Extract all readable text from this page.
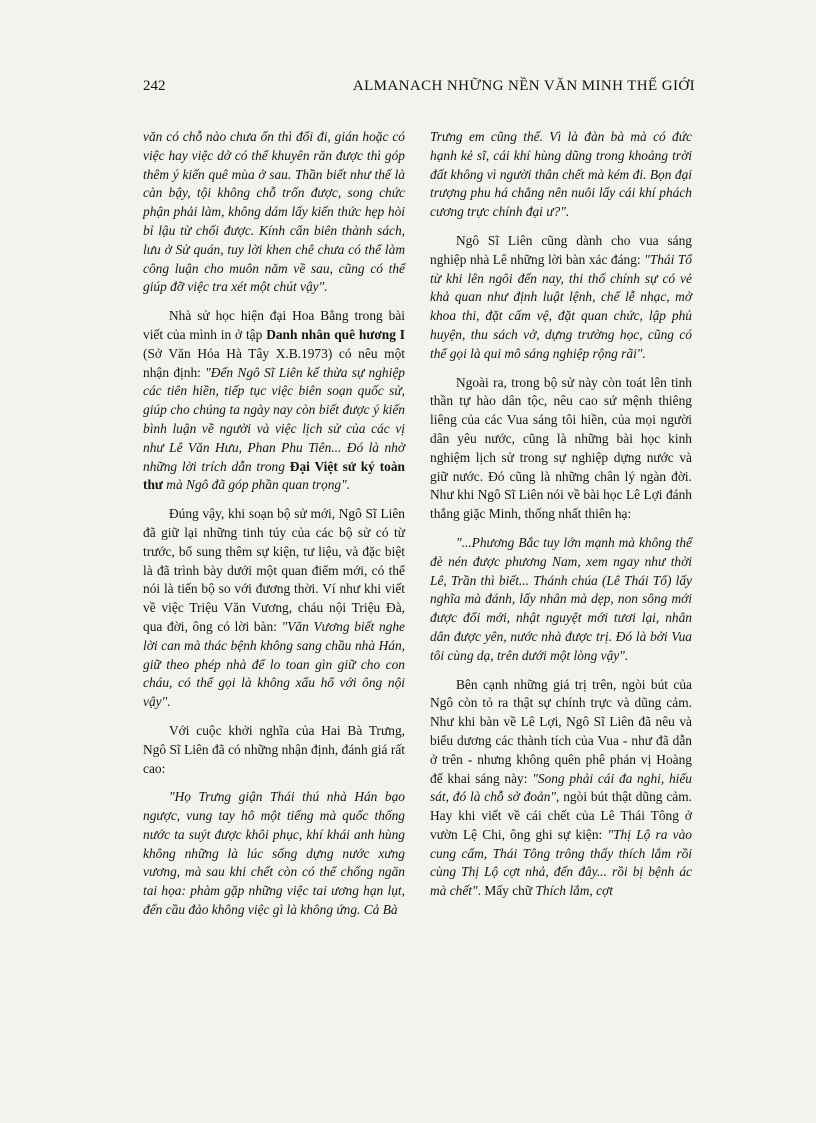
242	ALMANACH NHỮNG NỀN VĂN MINH THẾ GIỚI

văn có chỗ nào chưa ổn thì đổi đi, gián hoặc có việc hay việc dở có thể khuyên răn được thì góp thêm ý kiến quê mùa ở sau. Thần biết như thế là càn bậy, tội không chỗ trốn được, song chức phận phải làm, không dám lấy kiến thức hẹp hòi bỉ lậu từ chối được. Kính cẩn biên thành sách, lưu ở Sử quán, tuy lời khen chê chưa có thể làm công luận cho muôn năm về sau, cũng có thể giúp đỡ việc tra xét một chút vậy".

Nhà sử học hiện đại Hoa Bằng trong bài viết của mình in ở tập Danh nhân quê hương I (Sở Văn Hóa Hà Tây X.B.1973) có nêu một nhận định: "Đến Ngô Sĩ Liên kế thừa sự nghiệp các tiên hiền, tiếp tục việc biên soạn quốc sử, giúp cho chúng ta ngày nay còn biết được ý kiến bình luận về người và việc lịch sử của các vị như Lê Văn Hưu, Phan Phu Tiên... Đó là nhờ những lời trích dẫn trong Đại Việt sử ký toàn thư mà Ngô đã góp phần quan trọng".

Đúng vậy, khi soạn bộ sử mới, Ngô Sĩ Liên đã giữ lại những tinh túy của các bộ sử có từ trước, bổ sung thêm sự kiện, tư liệu, và đặc biệt là đã trình bày dưới một quan điểm mới, có thể nói là tiến bộ so với đương thời. Ví như khi viết về việc Triệu Văn Vương, cháu nội Triệu Đà, qua đời, ông có lời bàn: "Văn Vương biết nghe lời can mà thác bệnh không sang chầu nhà Hán, giữ theo phép nhà để lo toan gìn giữ cho con cháu, có thể gọi là không xấu hổ với ông nội vậy".

Với cuộc khởi nghĩa của Hai Bà Trưng, Ngô Sĩ Liên đã có những nhận định, đánh giá rất cao:

"Họ Trưng giận Thái thú nhà Hán bạo ngược, vung tay hô một tiếng mà quốc thống nước ta suýt được khôi phục, khí khái anh hùng không những là lúc sống dựng nước xưng vương, mà sau khi chết còn có thể chống ngăn tai họa: phàm gặp những việc tai ương hạn lụt, đến cầu đảo không việc gì là không ứng. Cả Bà

Trưng em cũng thế. Vì là đàn bà mà có đức hạnh kẻ sĩ, cái khí hùng dũng trong khoảng trời đất không vì người thân chết mà kém đi. Bọn đại trượng phu há chẳng nên nuôi lấy cái khí phách cương trực chính đại ư?".

Ngô Sĩ Liên cũng dành cho vua sáng nghiệp nhà Lê những lời bàn xác đáng: "Thái Tổ từ khi lên ngôi đến nay, thi thố chính sự có vẻ khả quan như định luật lệnh, chế lễ nhạc, mở khoa thi, đặt cấm vệ, đặt quan chức, lập phủ huyện, thu sách vở, dựng trường học, cũng có thể gọi là qui mô sáng nghiệp rộng rãi".

Ngoài ra, trong bộ sử này còn toát lên tinh thần tự hào dân tộc, nêu cao sứ mệnh thiêng liêng của các Vua sáng tôi hiền, của mọi người dân yêu nước, cũng là những bài học kinh nghiệm lịch sử trong sự nghiệp dựng nước và giữ nước. Đó cũng là những chân lý ngàn đời. Như khi Ngô Sĩ Liên nói về bài học Lê Lợi đánh thắng giặc Minh, thống nhất thiên hạ:

"...Phương Bắc tuy lớn mạnh mà không thể đè nén được phương Nam, xem ngay như thời Lê, Trần thì biết... Thánh chúa (Lê Thái Tổ) lấy nghĩa mà đánh, lấy nhân mà dẹp, non sông mới được đổi mới, nhật nguyệt mới tươi lại, nhân dân được yên, nước nhà được trị. Đó là bởi Vua tôi cùng dạ, trên dưới một lòng vậy".

Bên cạnh những giá trị trên, ngòi bút của Ngô còn tỏ ra thật sự chính trực và dũng cảm. Như khi bàn về Lê Lợi, Ngô Sĩ Liên đã nêu và biểu dương các thành tích của Vua - như đã dẫn ở trên - nhưng không quên phê phán vị Hoàng đế khai sáng này: "Song phải cái đa nghi, hiếu sát, đó là chỗ sở đoản", ngòi bút thật dũng cảm. Hay khi viết về cái chết của Lê Thái Tông ở vườn Lệ Chi, ông ghi sự kiện: "Thị Lộ ra vào cung cấm, Thái Tông trông thấy thích lắm rồi cùng Thị Lộ cợt nhả, đến đây... rồi bị bệnh ác mà chết". Mấy chữ Thích lắm, cợt
